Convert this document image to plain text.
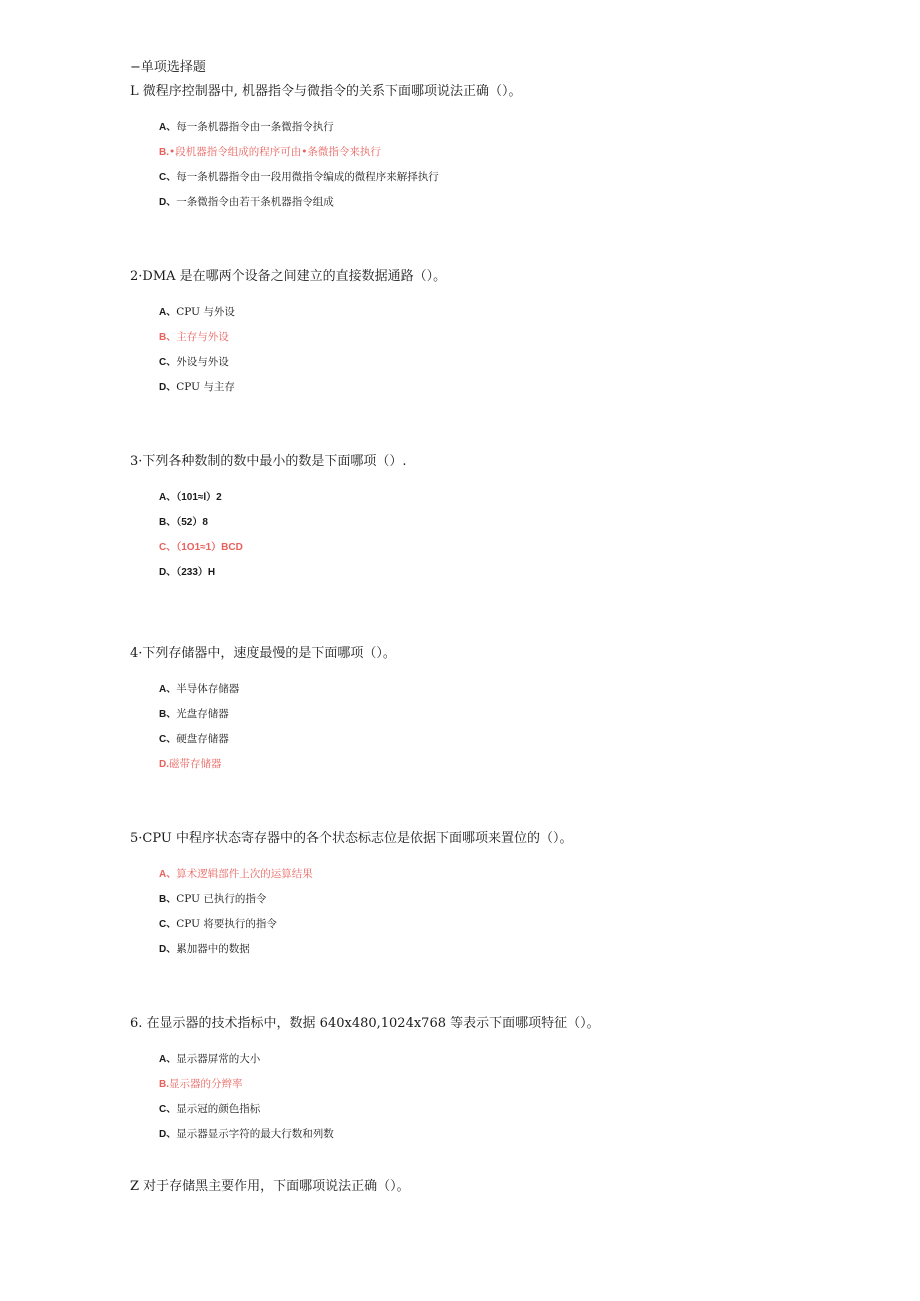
−单项选择题
L 微程序控制器中, 机器指令与微指令的关系下面哪项说法正确（）。
A、每一条机器指令由一条微指令执行
B.•段机器指令组成的程序可由•条微指令来执行
C、每一条机器指令由一段用微指令编成的微程序来解择执行
D、一条微指令由若干条机器指令组成
2·DMA 是在哪两个设备之间建立的直接数据通路（）。
A、CPU 与外设
B、主存与外设
C、外设与外设
D、CPU 与主存
3·下列各种数制的数中最小的数是下面哪项（）.
A、（101≈l）2
B、（52）8
C、（1O1≈1）BCD
D、（233）H
4·下列存储器中，速度最慢的是下面哪项（）。
A、半导体存储器
B、光盘存储器
C、硬盘存储器
D.磁带存储器
5·CPU 中程序状态寄存器中的各个状态标志位是依据下面哪项来置位的（）。
A、算术逻辑部件上次的运算结果
B、CPU 已执行的指令
C、CPU 将要执行的指令
D、累加器中的数据
6. 在显示器的技术指标中，数据 640x480,1024x768 等表示下面哪项特征（）。
A、显示器屏常的大小
B.显示器的分辫率
C、显示冠的颜色指标
D、显示器显示字符的最大行数和列数
Z 对于存储黑主要作用，下面哪项说法正确（）。
